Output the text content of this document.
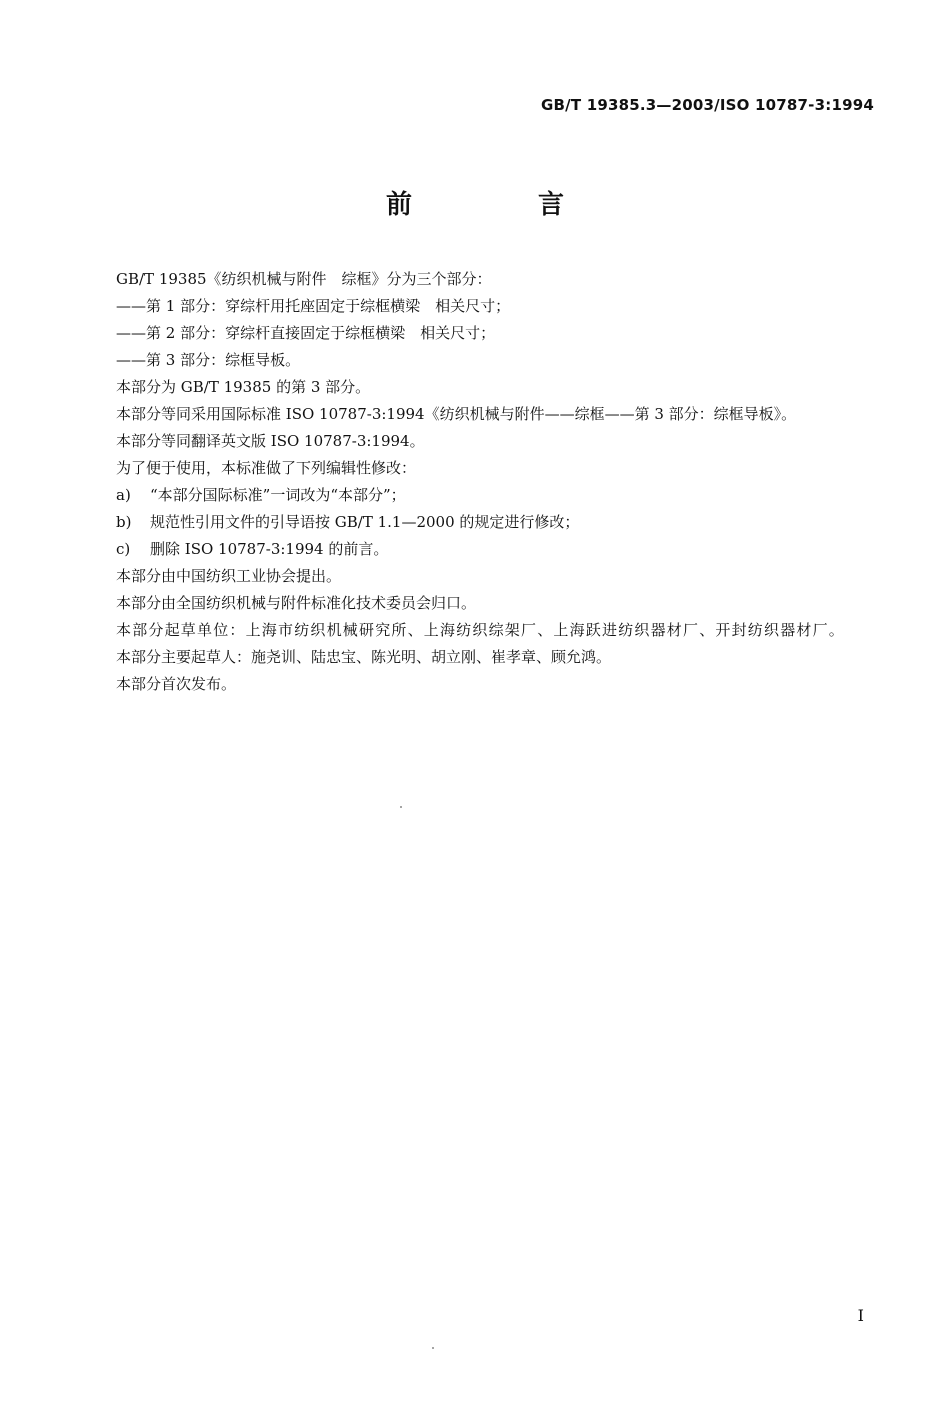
GB/T 19385.3—2003/ISO 10787-3:1994
前　言

GB/T 19385《纺织机械与附件　综框》分为三个部分：

——第 1 部分：穿综杆用托座固定于综框横梁　相关尺寸；

——第 2 部分：穿综杆直接固定于综框横梁　相关尺寸；

——第 3 部分：综框导板。

本部分为 GB/T 19385 的第 3 部分。

本部分等同采用国际标准 ISO 10787-3:1994《纺织机械与附件——综框——第 3 部分：综框导板》。

本部分等同翻译英文版 ISO 10787-3:1994。

为了便于使用，本标准做了下列编辑性修改：

a) “本部分国际标准”一词改为“本部分”；

b) 规范性引用文件的引导语按 GB/T 1.1—2000 的规定进行修改；

c) 删除 ISO 10787-3:1994 的前言。

本部分由中国纺织工业协会提出。

本部分由全国纺织机械与附件标准化技术委员会归口。

本部分起草单位：上海市纺织机械研究所、上海纺织综架厂、上海跃进纺织器材厂、开封纺织器材厂。

本部分主要起草人：施尧训、陆忠宝、陈光明、胡立刚、崔孝章、顾允鸿。

本部分首次发布。

I
